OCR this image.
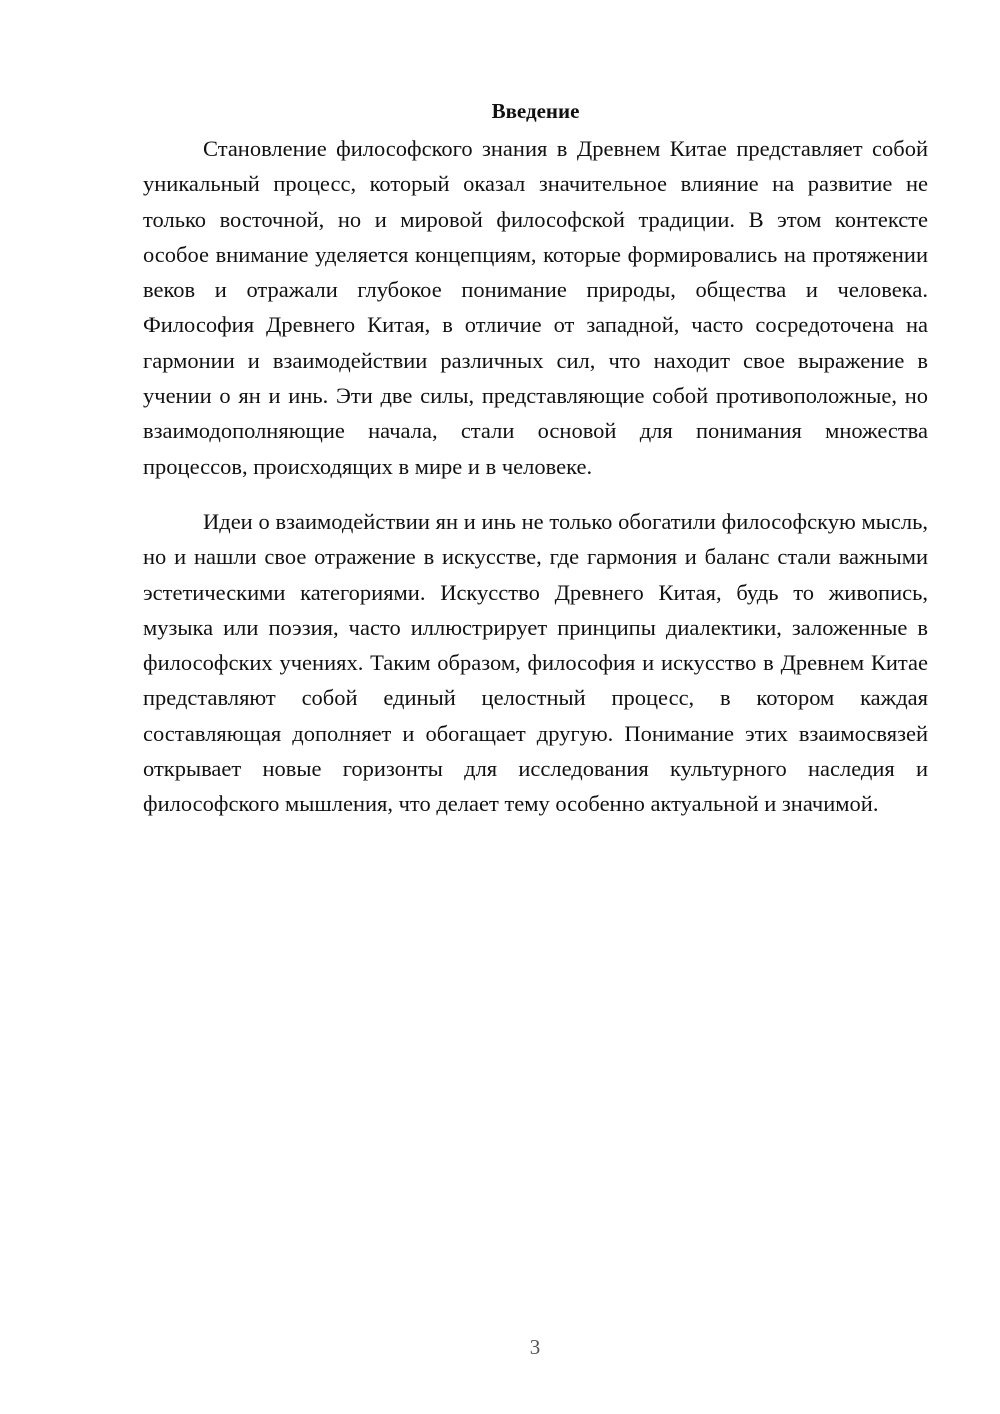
Введение

Становление философского знания в Древнем Китае представляет собой уникальный процесс, который оказал значительное влияние на развитие не только восточной, но и мировой философской традиции. В этом контексте особое внимание уделяется концепциям, которые формировались на протяжении веков и отражали глубокое понимание природы, общества и человека. Философия Древнего Китая, в отличие от западной, часто сосредоточена на гармонии и взаимодействии различных сил, что находит свое выражение в учении о ян и инь. Эти две силы, представляющие собой противоположные, но взаимодополняющие начала, стали основой для понимания множества процессов, происходящих в мире и в человеке.

Идеи о взаимодействии ян и инь не только обогатили философскую мысль, но и нашли свое отражение в искусстве, где гармония и баланс стали важными эстетическими категориями. Искусство Древнего Китая, будь то живопись, музыка или поэзия, часто иллюстрирует принципы диалектики, заложенные в философских учениях. Таким образом, философия и искусство в Древнем Китае представляют собой единый целостный процесс, в котором каждая составляющая дополняет и обогащает другую. Понимание этих взаимосвязей открывает новые горизонты для исследования культурного наследия и философского мышления, что делает тему особенно актуальной и значимой.

3
